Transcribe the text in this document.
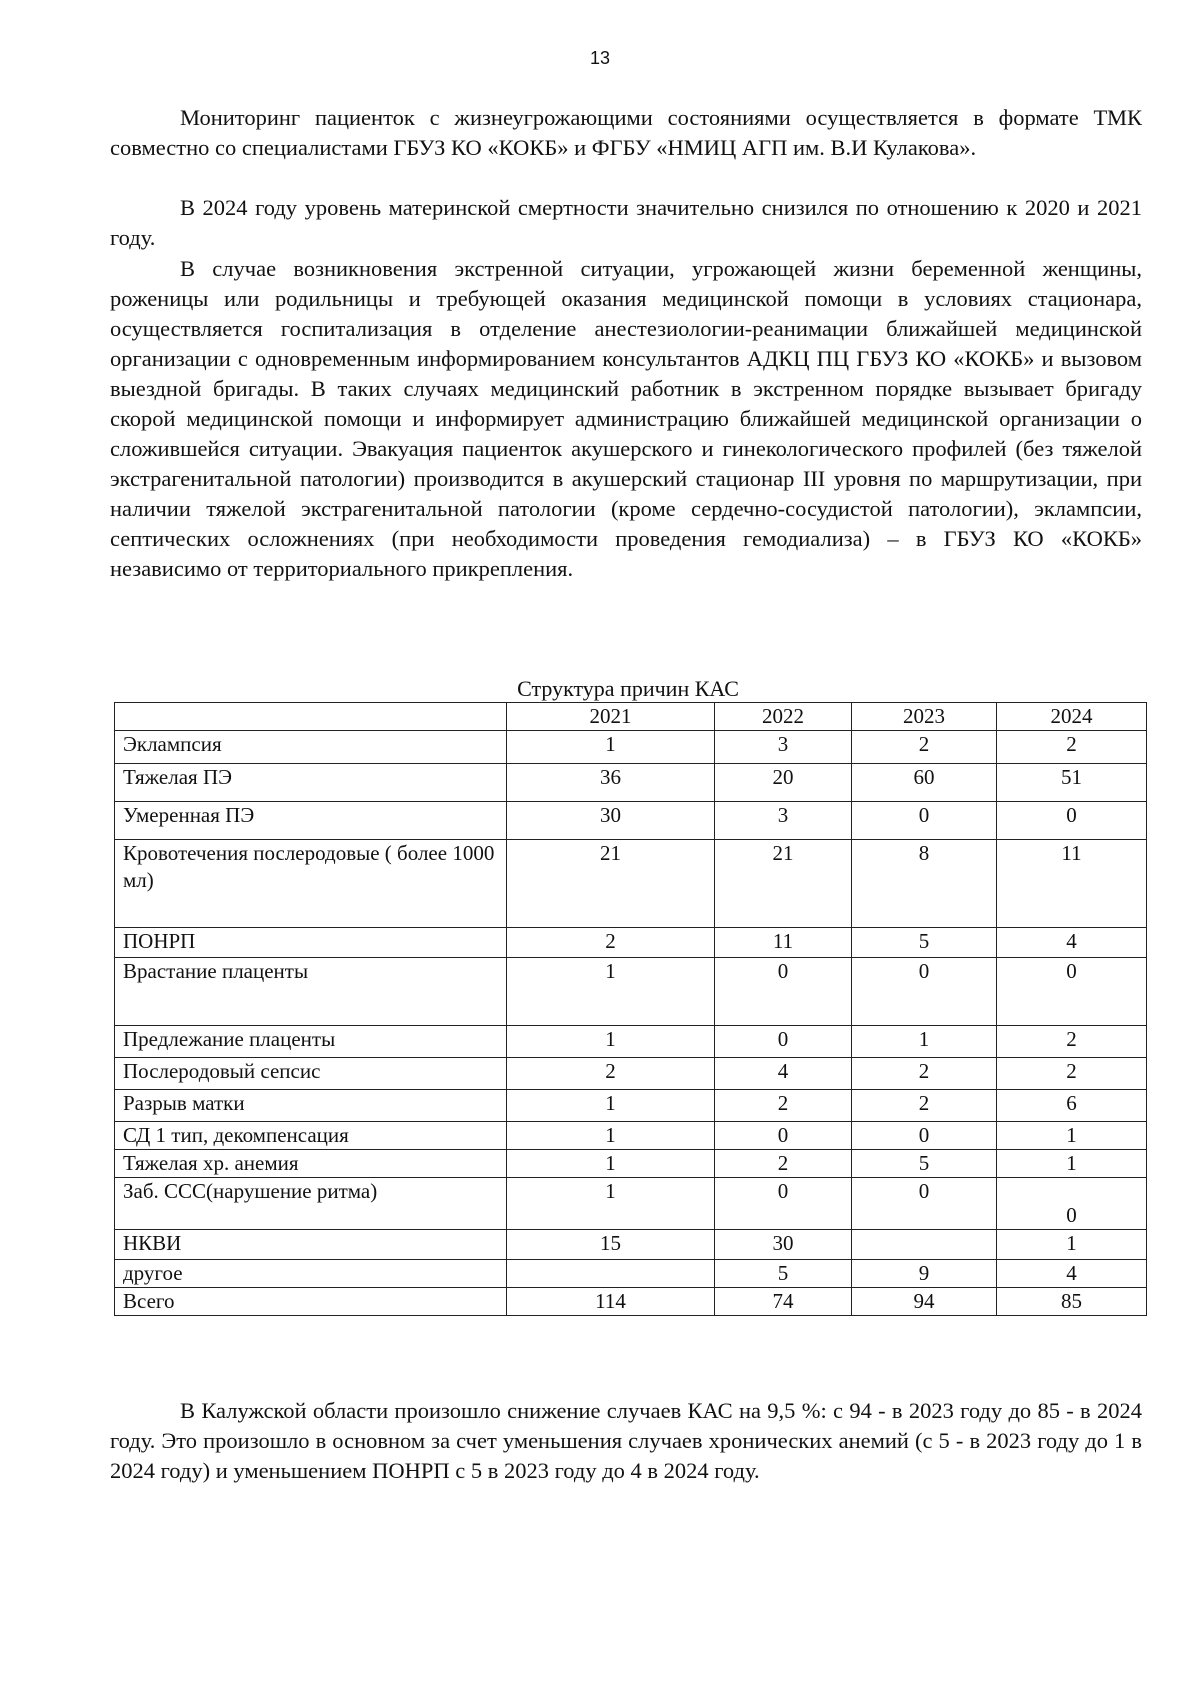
13

Мониторинг пациенток с жизнеугрожающими состояниями осуществляется в формате ТМК совместно со специалистами ГБУЗ КО «КОКБ» и ФГБУ «НМИЦ АГП им. В.И Кулакова».

В 2024 году уровень материнской смертности значительно снизился по отношению к 2020 и 2021 году.

В случае возникновения экстренной ситуации, угрожающей жизни беременной женщины, роженицы или родильницы и требующей оказания медицинской помощи в условиях стационара, осуществляется госпитализация в отделение анестезиологии-реанимации ближайшей медицинской организации с одновременным информированием консультантов АДКЦ ПЦ ГБУЗ КО «КОКБ» и вызовом выездной бригады. В таких случаях медицинский работник в экстренном порядке вызывает бригаду скорой медицинской помощи и информирует администрацию ближайшей медицинской организации о сложившейся ситуации. Эвакуация пациенток акушерского и гинекологического профилей (без тяжелой экстрагенитальной патологии) производится в акушерский стационар III уровня по маршрутизации, при наличии тяжелой экстрагенитальной патологии (кроме сердечно-сосудистой патологии), эклампсии, септических осложнениях (при необходимости проведения гемодиализа) – в ГБУЗ КО «КОКБ» независимо от территориального прикрепления.

Структура причин КАС
	2021	2022	2023	2024
Эклампсия	1	3	2	2
Тяжелая ПЭ	36	20	60	51
Умеренная ПЭ	30	3	0	0
Кровотечения послеродовые ( более 1000 мл)	21	21	8	11
ПОНРП	2	11	5	4
Врастание плаценты	1	0	0	0
Предлежание плаценты	1	0	1	2
Послеродовый сепсис	2	4	2	2
Разрыв матки	1	2	2	6
СД 1 тип, декомпенсация	1	0	0	1
Тяжелая хр. анемия	1	2	5	1
Заб. ССС(нарушение ритма)	1	0	0	0
НКВИ	15	30		1
другое		5	9	4
Всего	114	74	94	85

В Калужской области произошло снижение случаев КАС на 9,5 %: с 94 - в 2023 году до 85 - в 2024 году. Это произошло в основном за счет уменьшения случаев хронических анемий (с 5 - в 2023 году до 1 в 2024 году) и уменьшением ПОНРП с 5 в 2023 году до 4 в 2024 году.
